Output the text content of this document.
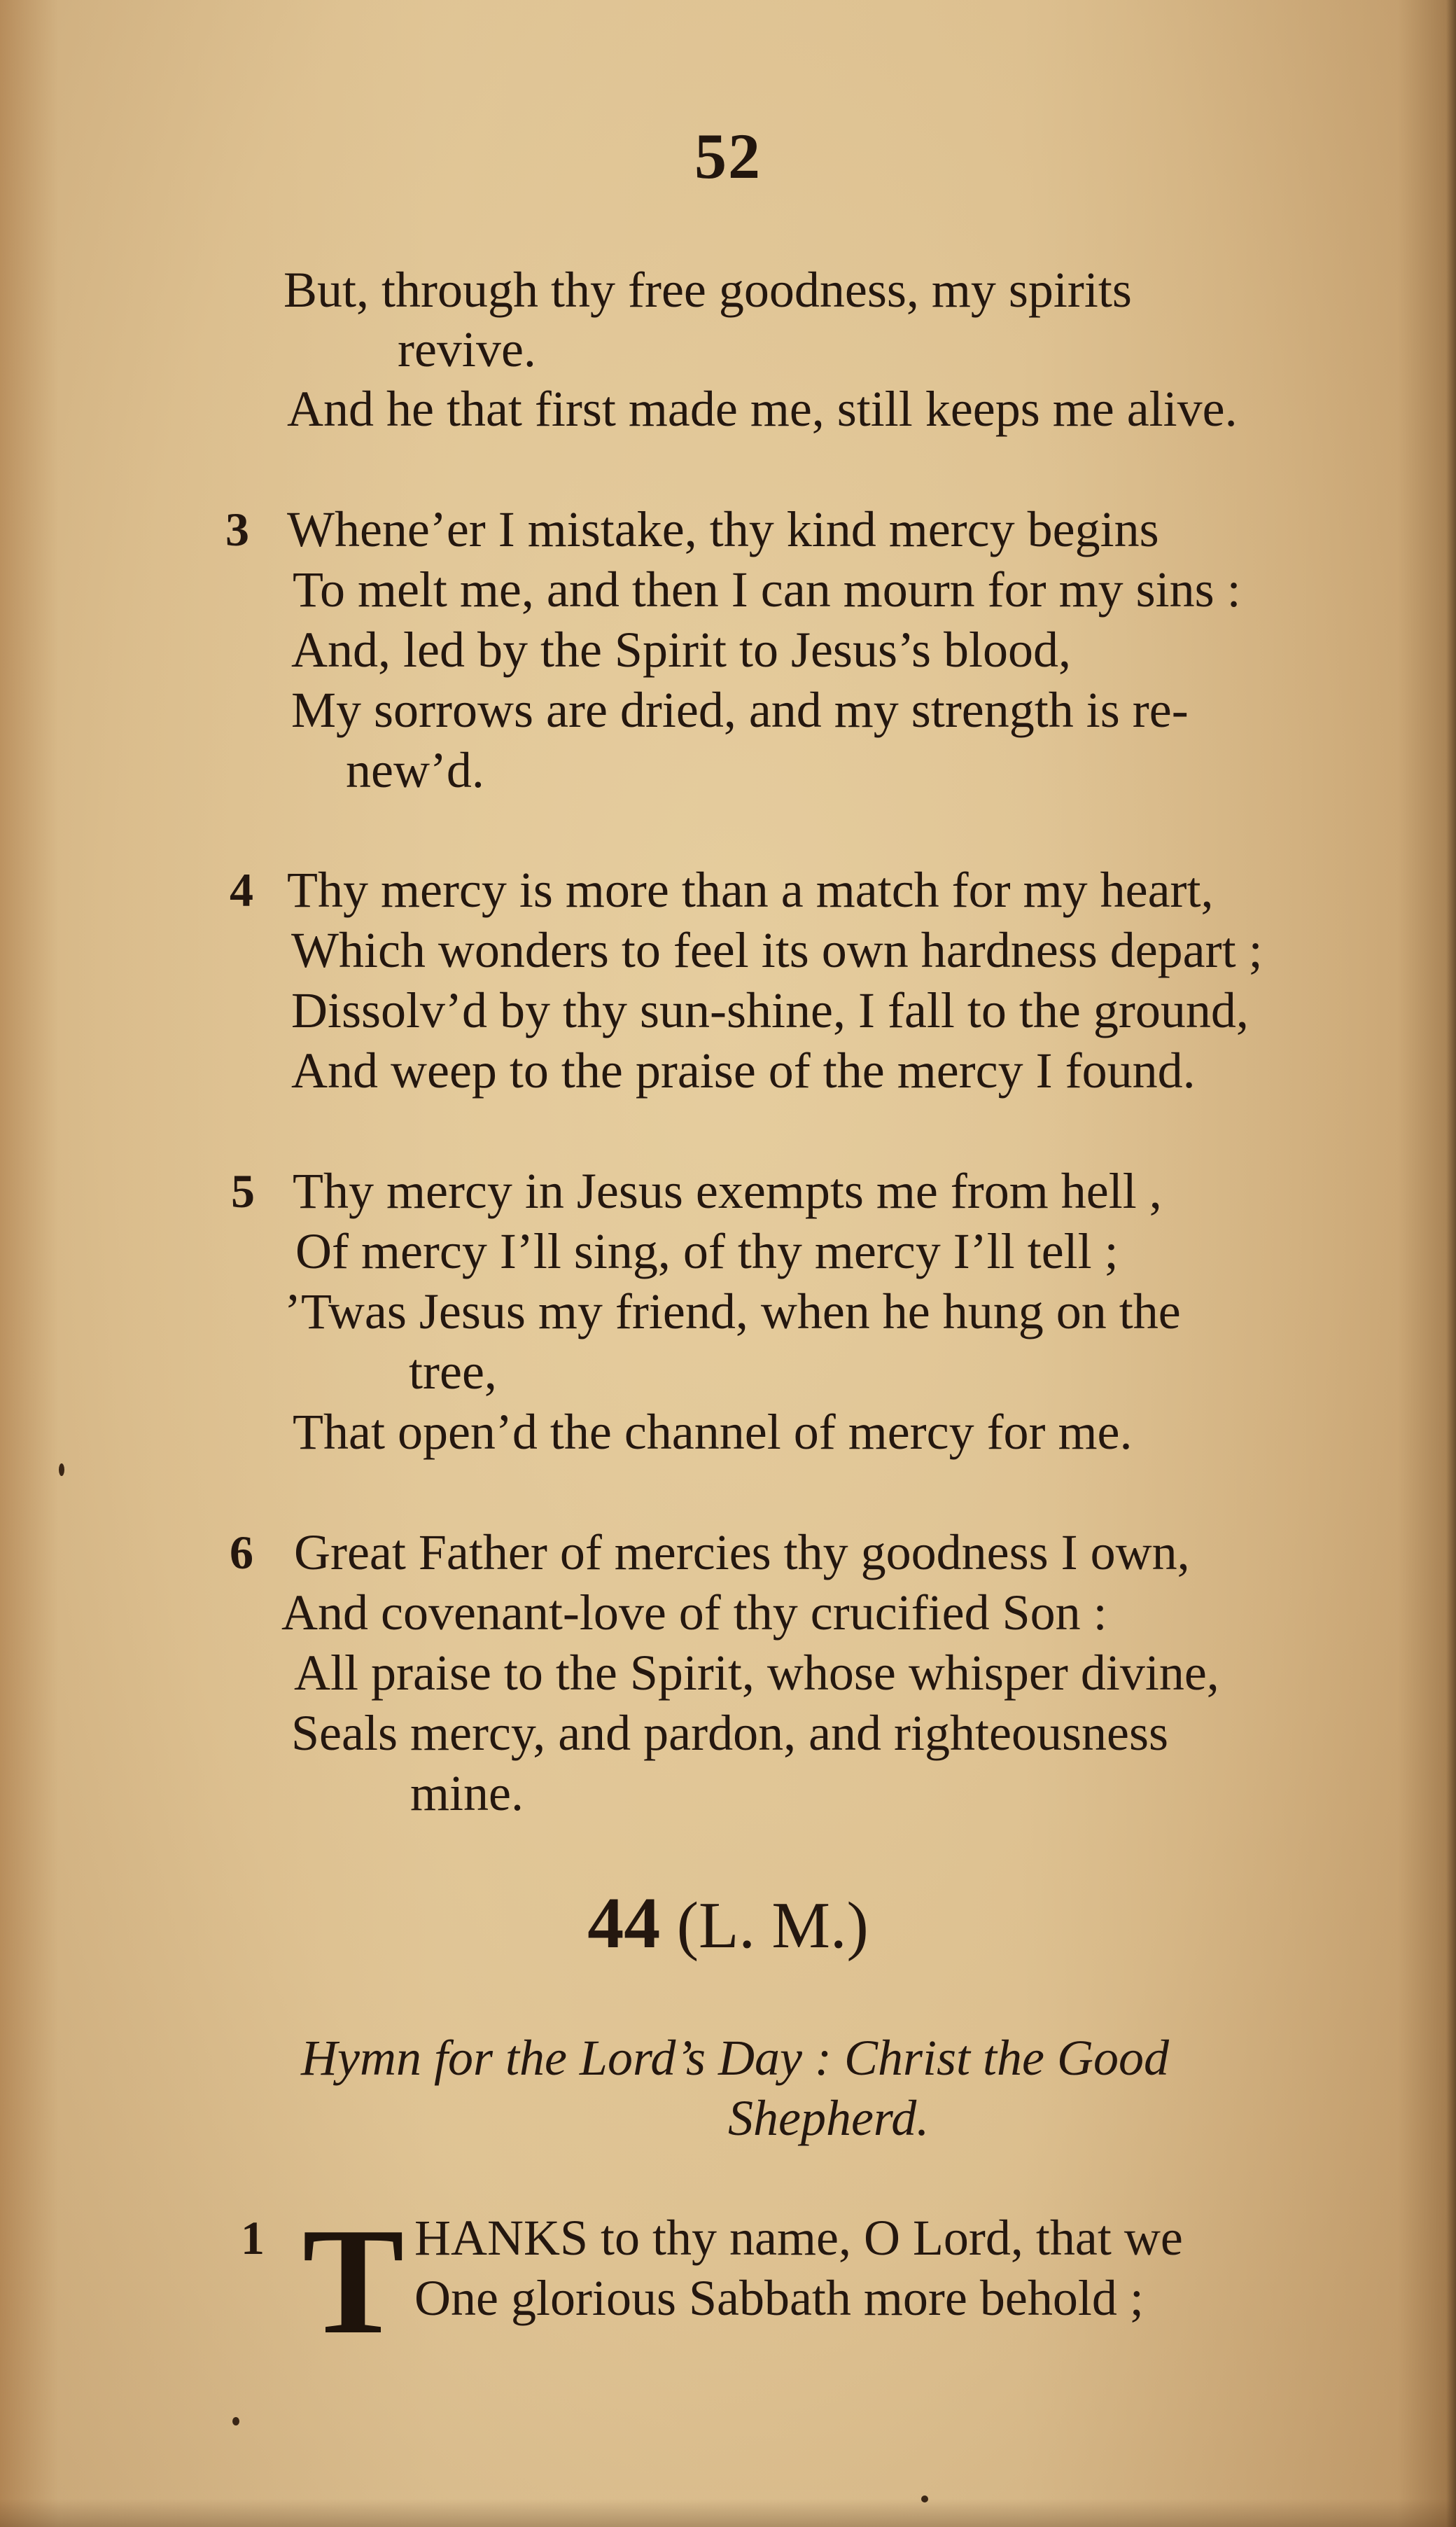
52
But, through thy free goodness, my spirits
revive.
And he that first made me, still keeps me alive.
3 Whene’er I mistake, thy kind mercy begins
To melt me, and then I can mourn for my sins :
And, led by the Spirit to Jesus’s blood,
My sorrows are dried, and my strength is re-
new’d.
4 Thy mercy is more than a match for my heart,
Which wonders to feel its own hardness depart ;
Dissolv’d by thy sun-shine, I fall to the ground,
And weep to the praise of the mercy I found.
5 Thy mercy in Jesus exempts me from hell ,
Of mercy I’ll sing, of thy mercy I’ll tell ;
’Twas Jesus my friend, when he hung on the
tree,
That open’d the channel of mercy for me.
6 Great Father of mercies thy goodness I own,
And covenant-love of thy crucified Son :
All praise to the Spirit, whose whisper divine,
Seals mercy, and pardon, and righteousness
mine.
44 (L. M.)
Hymn for the Lord’s Day : Christ the Good
Shepherd.
1 T HANKS to thy name, O Lord, that we
One glorious Sabbath more behold ;
